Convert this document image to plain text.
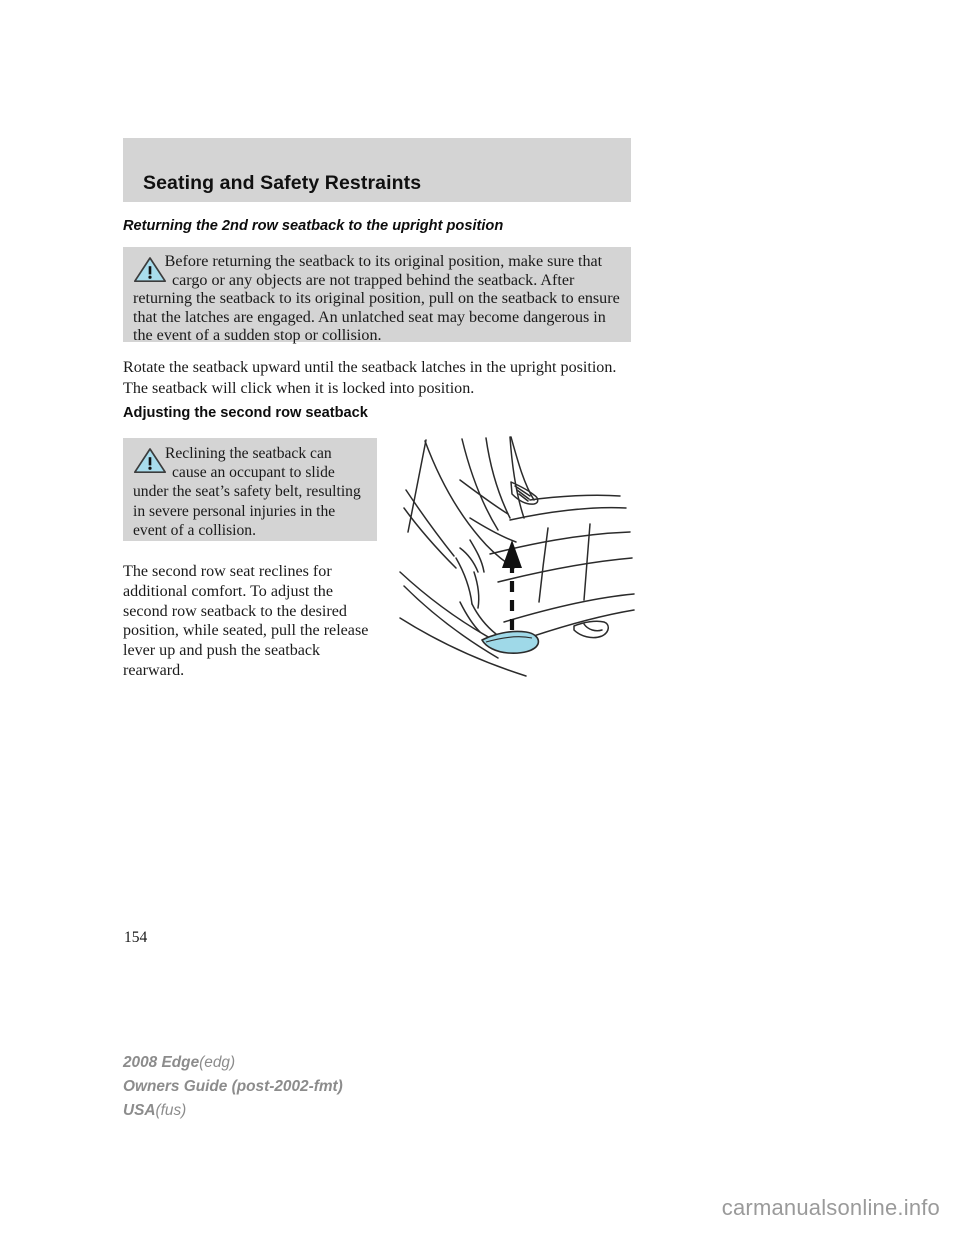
Seating and Safety Restraints
Returning the 2nd row seatback to the upright position
Before returning the seatback to its original position, make sure that cargo or any objects are not trapped behind the seatback. After returning the seatback to its original position, pull on the seatback to ensure that the latches are engaged. An unlatched seat may become dangerous in the event of a sudden stop or collision.
Rotate the seatback upward until the seatback latches in the upright position. The seatback will click when it is locked into position.
Adjusting the second row seatback
Reclining the seatback can cause an occupant to slide under the seat’s safety belt, resulting in severe personal injuries in the event of a collision.
The second row seat reclines for additional comfort. To adjust the second row seatback to the desired position, while seated, pull the release lever up and push the seatback rearward.
154
2008 Edge(edg)
Owners Guide (post-2002-fmt)
USA(fus)
carmanualsonline.info
